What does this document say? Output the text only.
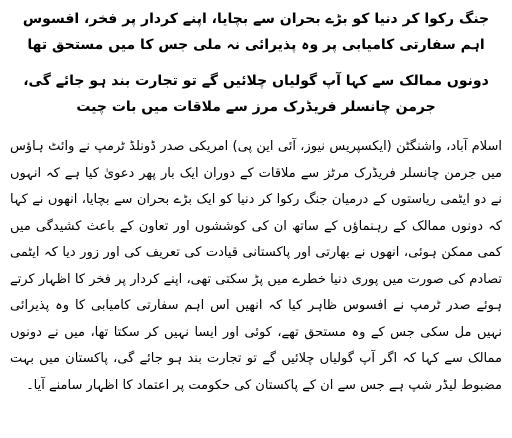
جنگ رکوا کر دنیا کو بڑے بحران سے بچایا، اپنے کردار پر فخر، افسوس اہم سفارتی کامیابی پر وہ پذیرائی نہ ملی جس کا میں مستحق تھا
دونوں ممالک سے کہا آپ گولیاں چلائیں گے تو تجارت بند ہو جائے گی، جرمن چانسلر فریڈرک مرز سے ملاقات میں بات چیت

اسلام آباد، واشنگٹن (ایکسپریس نیوز، آئی این پی) امریکی صدر ڈونلڈ ٹرمپ نے وائٹ ہاؤس میں جرمن چانسلر فریڈرک مرٹز سے ملاقات کے دوران ایک بار پھر دعویٰ کیا ہے کہ انہوں نے دو ایٹمی ریاستوں کے درمیان جنگ رکوا کر دنیا کو ایک بڑے بحران سے بچایا، انھوں نے کہا کہ دونوں ممالک کے رہنماؤں کے ساتھ ان کی کوششوں اور تعاون کے باعث کشیدگی میں کمی ممکن ہوئی، انھوں نے بھارتی اور پاکستانی قیادت کی تعریف کی اور زور دیا کہ ایٹمی تصادم کی صورت میں پوری دنیا خطرے میں پڑ سکتی تھی، اپنے کردار پر فخر کا اظہار کرتے ہوئے صدر ٹرمپ نے افسوس ظاہر کیا کہ انھیں اس اہم سفارتی کامیابی کا وہ پذیرائی نہیں مل سکی جس کے وہ مستحق تھے، کوئی اور ایسا نہیں کر سکتا تھا، میں نے دونوں ممالک سے کہا کہ اگر آپ گولیاں چلائیں گے تو تجارت بند ہو جائے گی، پاکستان میں بہت مضبوط لیڈر شپ ہے جس سے ان کے پاکستان کی حکومت پر اعتماد کا اظہار سامنے آیا۔
